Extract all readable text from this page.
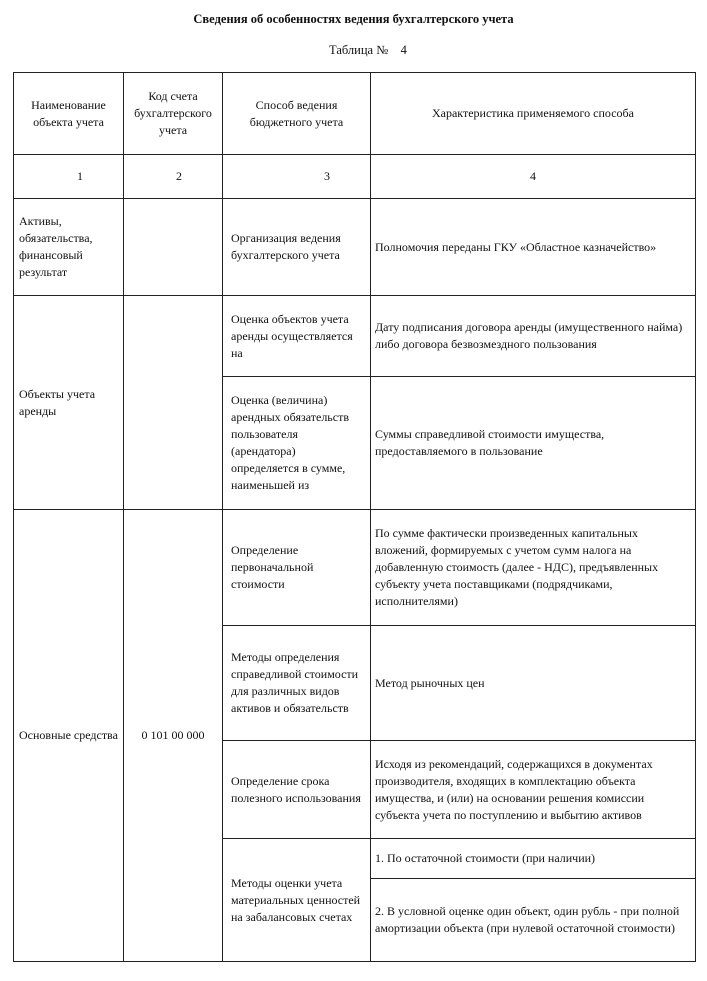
Сведения об особенностях ведения бухгалтерского учета
Таблица №    4
Наименование объекта учета	Код счета бухгалтерского учета	Способ ведения бюджетного учета	Характеристика применяемого способа
1	2	3	4
Активы, обязательства, финансовый результат		Организация ведения бухгалтерского учета	Полномочия переданы ГКУ «Областное казначейство»
Объекты учета аренды		Оценка объектов учета аренды осуществляется на	Дату подписания договора аренды (имущественного найма) либо договора безвозмездного пользования
		Оценка (величина) арендных обязательств пользователя (арендатора) определяется в сумме, наименьшей из	Суммы справедливой стоимости имущества, предоставляемого в пользование
Основные средства	0 101 00 000	Определение первоначальной стоимости	По сумме фактически произведенных капитальных вложений, формируемых с учетом сумм налога на добавленную стоимость (далее - НДС), предъявленных субъекту учета поставщиками (подрядчиками, исполнителями)
		Методы определения справедливой стоимости для различных видов активов и обязательств	Метод рыночных цен
		Определение срока полезного использования	Исходя из рекомендаций, содержащихся в документах производителя, входящих в комплектацию объекта имущества, и (или) на основании решения комиссии субъекта учета по поступлению и выбытию активов
		Методы оценки учета материальных ценностей на забалансовых счетах	1. По остаточной стоимости (при наличии)
			2. В условной оценке один объект, один рубль - при полной амортизации объекта (при нулевой остаточной стоимости)
